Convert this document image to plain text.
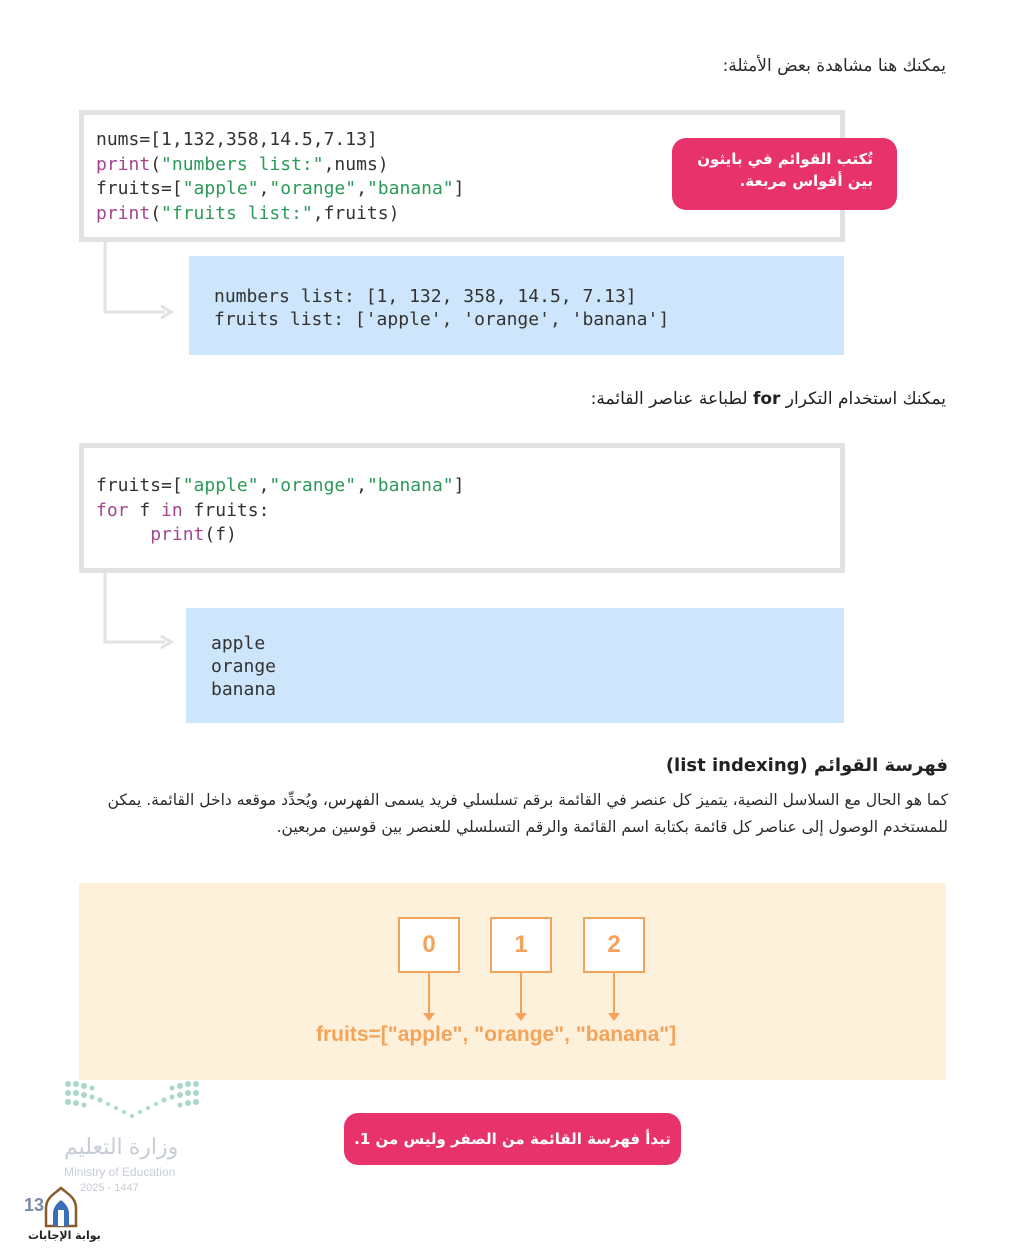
يمكنك هنا مشاهدة بعض الأمثلة:
nums=[1,132,358,14.5,7.13]
print("numbers list:",nums)
fruits=["apple","orange","banana"]
print("fruits list:",fruits)
تُكتب القوائم في بايثون بين أقواس مربعة.
numbers list: [1, 132, 358, 14.5, 7.13]
fruits list: ['apple', 'orange', 'banana']
يمكنك استخدام التكرار for لطباعة عناصر القائمة:
fruits=["apple","orange","banana"]
for f in fruits:
print(f)
apple
orange
banana
فهرسة القوائم (list indexing)
كما هو الحال مع السلاسل النصية، يتميز كل عنصر في القائمة برقم تسلسلي فريد يسمى الفهرس، ويُحدِّد موقعه داخل القائمة. يمكن
للمستخدم الوصول إلى عناصر كل قائمة بكتابة اسم القائمة والرقم التسلسلي للعنصر بين قوسين مربعين.
0	1	2
fruits=["apple", "orange", "banana"]
تبدأ فهرسة القائمة من الصفر وليس من 1.
وزارة التعليم
Ministry of Education
2025 - 1447
13
بوابة الإجابات
